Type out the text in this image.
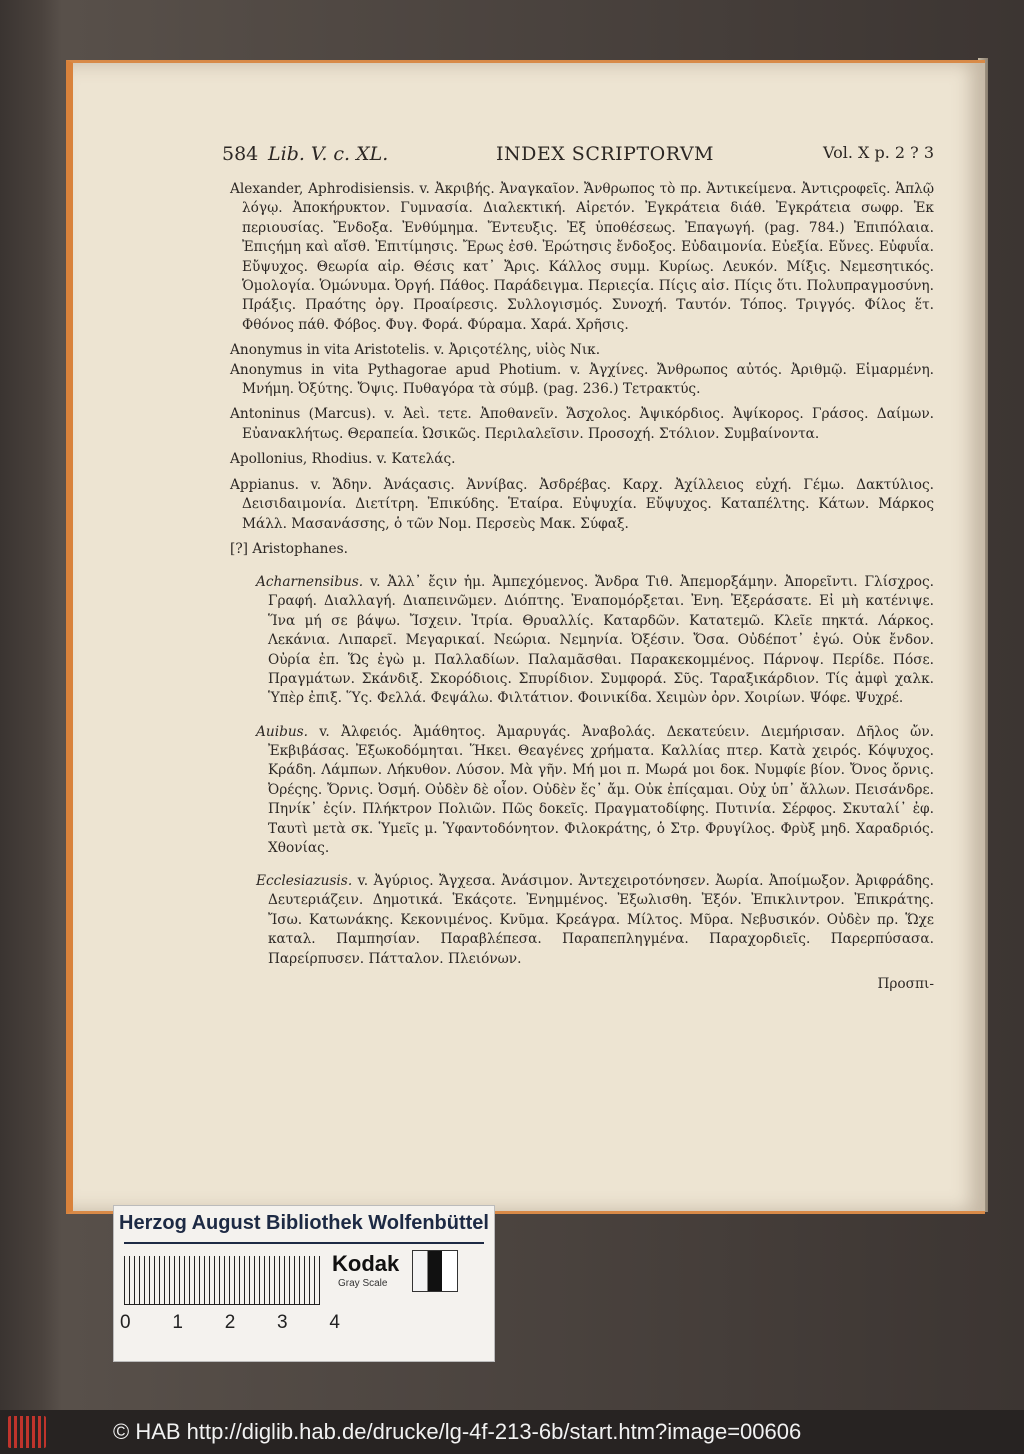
584 Lib. V. c. XL.	INDEX SCRIPTORVM	Vol. X p. 2 ? 3

Alexander, Aphrodisiensis. v. Ἀκριβής. Ἀναγκαῖον. Ἄνθρωπος τὸ πρ. Ἀντικείμενα. Ἀντιςροφεῖς. Ἁπλῷ λόγῳ. Ἀποκήρυκτον. Γυμνασία. Διαλεκτική. Αἱρετόν. Ἐγκράτεια διάθ. Ἐγκράτεια σωφρ. Ἐκ περιουσίας. Ἔνδοξα. Ἐνθύμημα. Ἔντευξις. Ἐξ ὑποθέσεως. Ἐπαγωγή. (pag. 784.) Ἐπιπόλαια. Ἐπιςήμη καὶ αἴσθ. Ἐπιτίμησις. Ἔρως ἐσθ. Ἐρώτησις ἔνδοξος. Εὐδαιμονία. Εὐεξία. Εὔνες. Εὐφυΐα. Εὔψυχος. Θεωρία αἱρ. Θέσις κατ᾽ Ἄρις. Κάλλος συμμ. Κυρίως. Λευκόν. Μίξις. Νεμεσητικός. Ὁμολογία. Ὁμώνυμα. Ὀργή. Πάθος. Παράδειγμα. Περιεςία. Πίςις αἰσ. Πίςις ὅτι. Πολυπραγμοσύνη. Πράξις. Πραότης ὀργ. Προαίρεσις. Συλλογισμός. Συνοχή. Ταυτόν. Τόπος. Τριγγός. Φίλος ἕτ. Φθόνος πάθ. Φόβος. Φυγ. Φορά. Φύραμα. Χαρά. Χρῆσις.

Anonymus in vita Aristotelis. v. Ἀριςοτέλης, υἱὸς Νικ.

Anonymus in vita Pythagorae apud Photium. v. Ἀγχίνες. Ἄνθρωπος αὐτός. Ἀριθμῷ. Εἱμαρμένη. Μνήμη. Ὀξύτης. Ὄψις. Πυθαγόρα τὰ σύμβ. (pag. 236.) Τετρακτύς.

Antoninus (Marcus). v. Ἀεὶ. τετε. Ἀποθανεῖν. Ἄσχολος. Ἀψικόρδιος. Ἀψίκορος. Γράσος. Δαίμων. Εὐανακλήτως. Θεραπεία. Ὠσικῶς. Περιλαλεῖσιν. Προσοχή. Στόλιον. Συμβαίνοντα.

Apollonius, Rhodius. v. Κατελάς.

Appianus. v. Ἄδην. Ἀνάςασις. Ἀννίβας. Ἀσδρέβας. Καρχ. Ἀχίλλειος εὐχή. Γέμω. Δακτύλιος. Δεισιδαιμονία. Διετίτρη. Ἐπικύδης. Ἑταίρα. Εὐψυχία. Εὔψυχος. Καταπέλτης. Κάτων. Μάρκος Μάλλ. Μασανάσσης, ὁ τῶν Νομ. Περσεὺς Μακ. Σύφαξ.

[?] Aristophanes.

Acharnensibus. v. Ἀλλ᾽ ἔςιν ἡμ. Ἀμπεχόμενος. Ἄνδρα Τιθ. Ἀπεμορξάμην. Ἀπορεῖντι. Γλίσχρος. Γραφή. Διαλλαγή. Διαπεινῶμεν. Διόπτης. Ἐναπομόρξεται. Ἐνη. Ἐξεράσατε. Εἰ μὴ κατένιψε. Ἵνα μή σε βάψω. Ἴσχειν. Ἰτρία. Θρυαλλίς. Καταρδῶν. Κατατεμῶ. Κλεῖε πηκτά. Λάρκος. Λεκάνια. Λιπαρεῖ. Μεγαρικαί. Νεώρια. Νεμηνία. Ὀξέσιν. Ὄσα. Οὐδέποτ᾽ ἐγώ. Οὐκ ἔνδον. Οὐρία ἐπ. Ὥς ἐγὼ μ. Παλλαδίων. Παλαμᾶσθαι. Παρακεκομμένος. Πάρνοψ. Περίδε. Πόσε. Πραγμάτων. Σκάνδιξ. Σκορόδιοις. Σπυρίδιον. Συμφορά. Σῦς. Ταραξικάρδιον. Τίς ἀμφὶ χαλκ. Ὑπὲρ ἐπιξ. Ὕς. Φελλά. Φεψάλω. Φιλτάτιον. Φοινικίδα. Χειμὼν ὀρν. Χοιρίων. Ψόφε. Ψυχρέ.

Auibus. v. Ἀλφειός. Ἀμάθητος. Ἀμαρυγάς. Ἀναβολάς. Δεκατεύειν. Διεμήρισαν. Δῆλος ὤν. Ἐκβιβάσας. Ἐξωκοδόμηται. Ἥκει. Θεαγένες χρήματα. Καλλίας πτερ. Κατὰ χειρός. Κόψυχος. Κράδη. Λάμπων. Λήκυθον. Λύσον. Μὰ γῆν. Μή μοι π. Μωρά μοι δοκ. Νυμφίε βίον. Ὄνος ὄρνις. Ὀρέςης. Ὄρνις. Ὀσμή. Οὐδὲν δὲ οἷον. Οὐδὲν ἔς᾽ ἄμ. Οὐκ ἐπίςαμαι. Οὐχ ὑπ᾽ ἄλλων. Πεισάνδρε. Πηνίκ᾽ ἐςίν. Πλήκτρον Πολιῶν. Πῶς δοκεῖς. Πραγματοδίφης. Πυτινία. Σέρφος. Σκυταλί᾽ ἐφ. Ταυτὶ μετὰ σκ. Ὑμεῖς μ. Ὑφαντοδόνητον. Φιλοκράτης, ὁ Στρ. Φρυγίλος. Φρὺξ μηδ. Χαραδριός. Χθονίας.

Ecclesiazusis. v. Ἀγύριος. Ἄγχεσα. Ἀνάσιμον. Ἀντεχειροτόνησεν. Ἀωρία. Ἀποίμωξον. Ἀριφράδης. Δευτεριάζειν. Δημοτικά. Ἑκάςοτε. Ἐνημμένος. Ἐξωλισθη. Ἐξόν. Ἐπικλιντρον. Ἐπικράτης. Ἴσω. Κατωνάκης. Κεκονιμένος. Κνῦμα. Κρεάγρα. Μίλτος. Μῦρα. Νεβυσικόν. Οὐδὲν πρ. Ὥχε καταλ. Παμπησίαν. Παραβλέπεσα. Παραπεπληγμένα. Παραχορδιεῖς. Παρερπύσασα. Παρείρπυσεν. Πάτταλον. Πλειόνων.

Προσπι-

Herzog August Bibliothek Wolfenbüttel
0 1 2 3 4
Kodak
Gray Scale
© HAB http://diglib.hab.de/drucke/lg-4f-213-6b/start.htm?image=00606
